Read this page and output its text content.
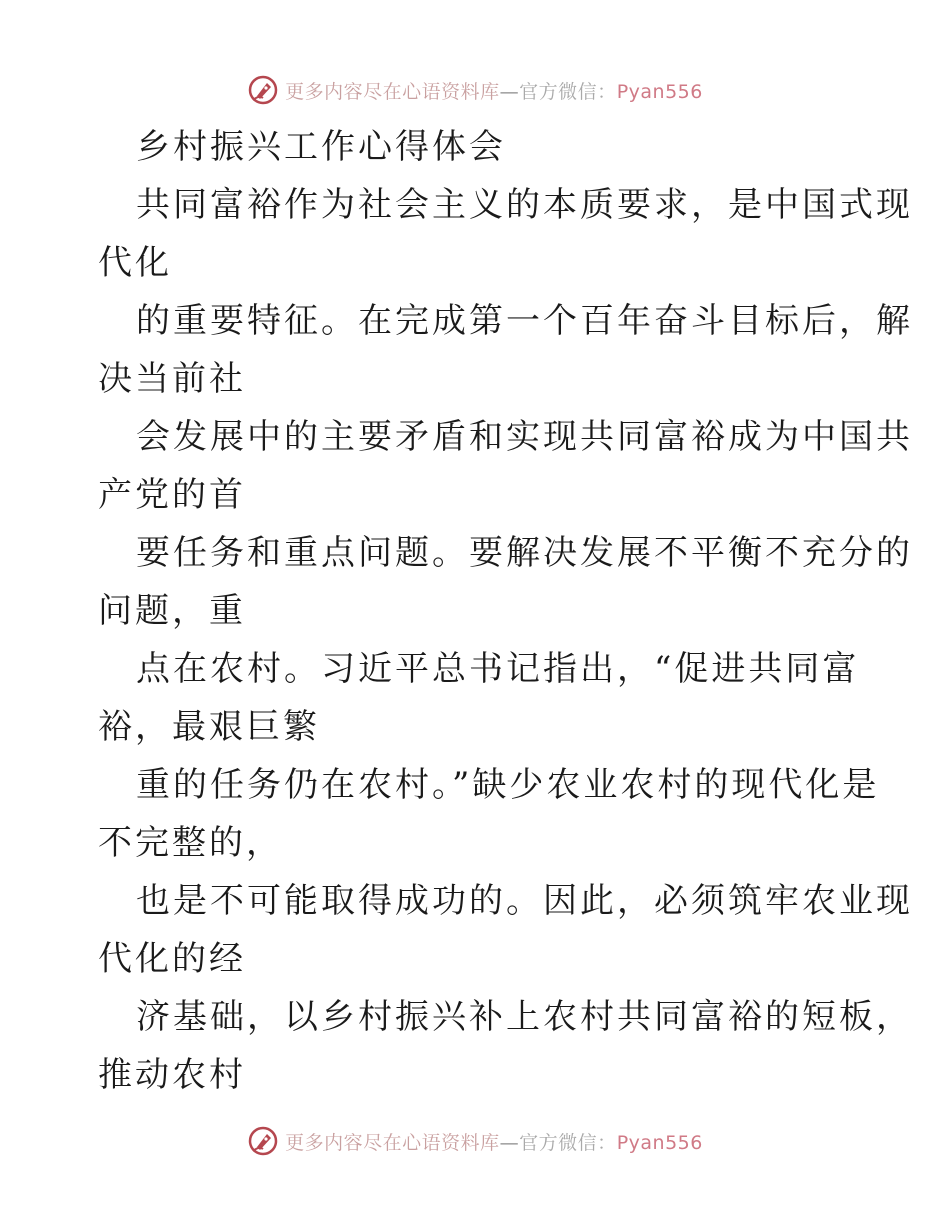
更多内容尽在心语资料库—官方微信：Pyan556
乡村振兴工作心得体会
共同富裕作为社会主义的本质要求，是中国式现
代化
的重要特征。在完成第一个百年奋斗目标后，解
决当前社
会发展中的主要矛盾和实现共同富裕成为中国共
产党的首
要任务和重点问题。要解决发展不平衡不充分的
问题，重
点在农村。习近平总书记指出，“促进共同富
裕，最艰巨繁
重的任务仍在农村。”缺少农业农村的现代化是
不完整的，
也是不可能取得成功的。因此，必须筑牢农业现
代化的经
济基础，以乡村振兴补上农村共同富裕的短板，
推动农村
更多内容尽在心语资料库—官方微信：Pyan556
